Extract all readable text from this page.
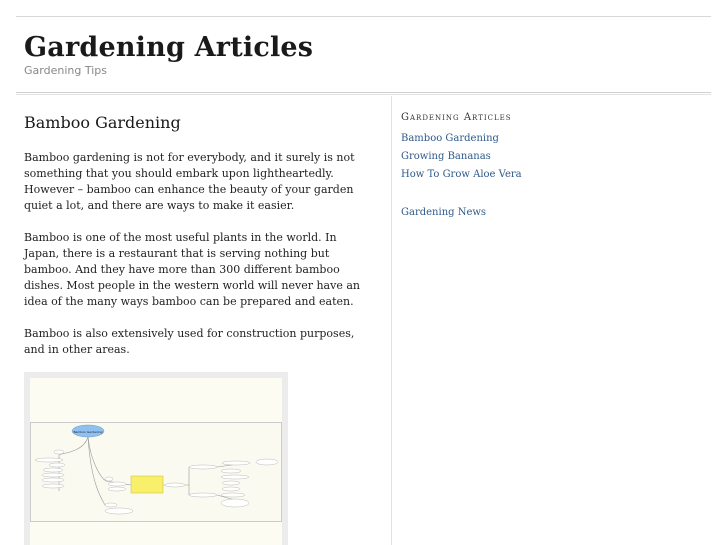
Gardening Articles
Gardening Tips
Bamboo Gardening

Bamboo gardening is not for everybody, and it surely is not something that you should embark upon lightheartedly. However – bamboo can enhance the beauty of your garden quiet a lot, and there are ways to make it easier.

Bamboo is one of the most useful plants in the world. In Japan, there is a restaurant that is serving nothing but bamboo. And they have more than 300 different bamboo dishes. Most people in the western world will never have an idea of the many ways bamboo can be prepared and eaten.

Bamboo is also extensively used for construction purposes, and in other areas.

Bamboo Gardening
Gardening Articles
Bamboo Gardening
Growing Bananas
How To Grow Aloe Vera
Gardening News
